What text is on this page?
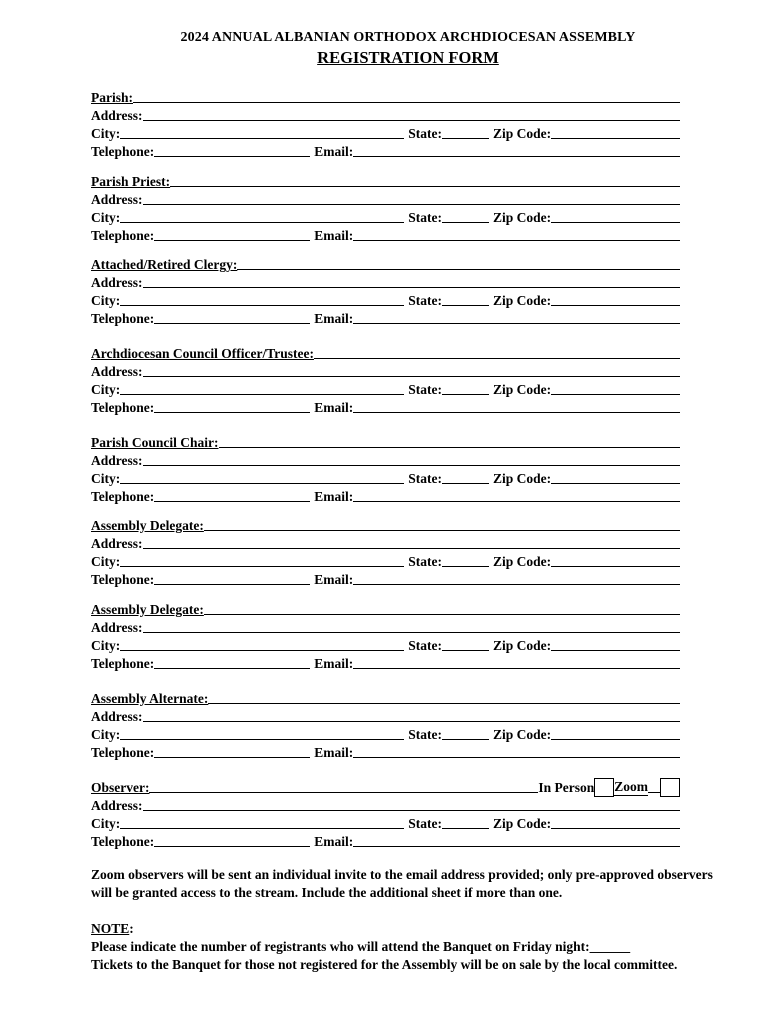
2024 ANNUAL ALBANIAN ORTHODOX ARCHDIOCESAN ASSEMBLY
REGISTRATION FORM
Parish:
Address:
City:	State:	Zip Code:
Telephone:	Email:
Parish Priest:
Address:
City:	State:	Zip Code:
Telephone:	Email:
Attached/Retired Clergy:
Address:
City:	State:	Zip Code:
Telephone:	Email:
Archdiocesan Council Officer/Trustee:
Address:
City:	State:	Zip Code:
Telephone:	Email:
Parish Council Chair:
Address:
City:	State:	Zip Code:
Telephone:	Email:
Assembly Delegate:
Address:
City:	State:	Zip Code:
Telephone:	Email:
Assembly Delegate:
Address:
City:	State:	Zip Code:
Telephone:	Email:
Assembly Alternate:
Address:
City:	State:	Zip Code:
Telephone:	Email:
Observer:	In Person Zoom
Address:
City:	State:	Zip Code:
Telephone:	Email:
Zoom observers will be sent an individual invite to the email address provided; only pre-approved observers will be granted access to the stream. Include the additional sheet if more than one.
NOTE:
Please indicate the number of registrants who will attend the Banquet on Friday night:______
Tickets to the Banquet for those not registered for the Assembly will be on sale by the local committee.
